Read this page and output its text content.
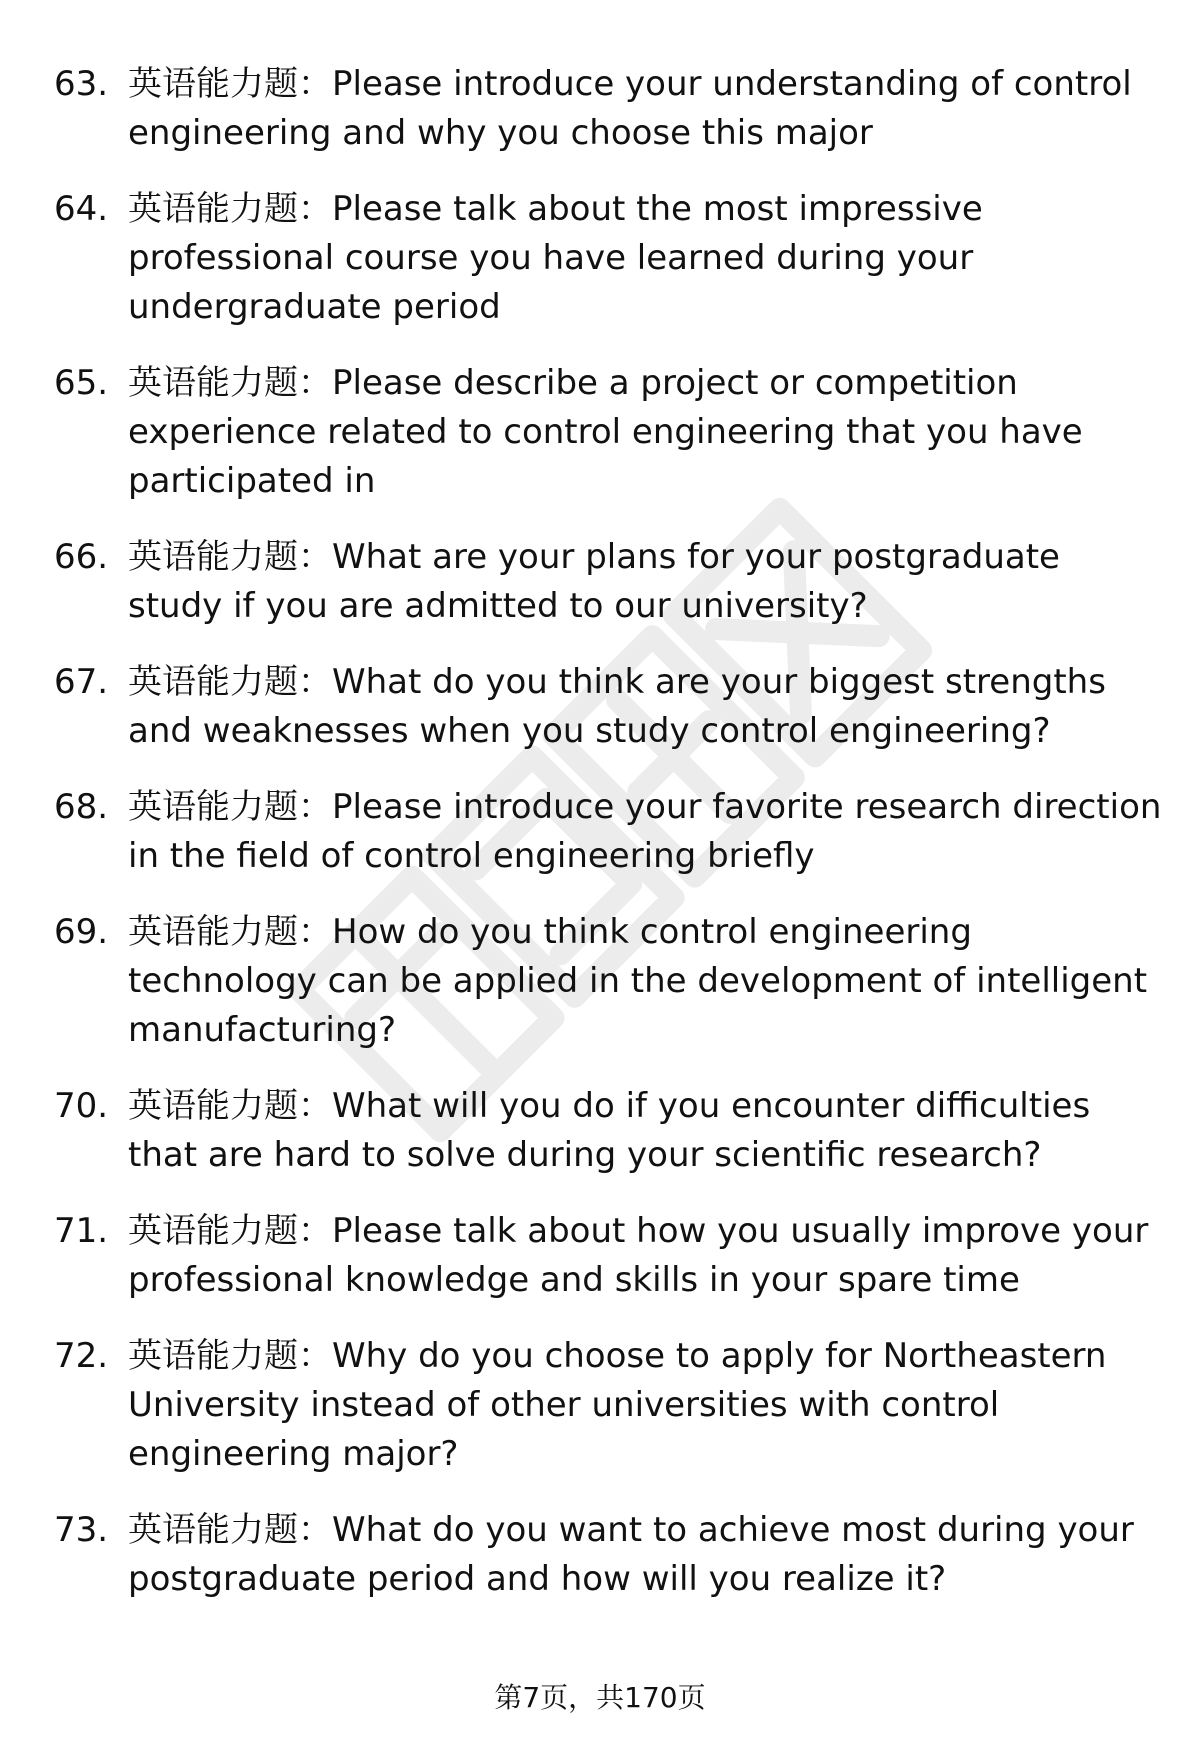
63. 英语能力题：Please introduce your understanding of control engineering and why you choose this major
64. 英语能力题：Please talk about the most impressive professional course you have learned during your undergraduate period
65. 英语能力题：Please describe a project or competition experience related to control engineering that you have participated in
66. 英语能力题：What are your plans for your postgraduate study if you are admitted to our university?
67. 英语能力题：What do you think are your biggest strengths and weaknesses when you study control engineering?
68. 英语能力题：Please introduce your favorite research direction in the field of control engineering briefly
69. 英语能力题：How do you think control engineering technology can be applied in the development of intelligent manufacturing?
70. 英语能力题：What will you do if you encounter difficulties that are hard to solve during your scientific research?
71. 英语能力题：Please talk about how you usually improve your professional knowledge and skills in your spare time
72. 英语能力题：Why do you choose to apply for Northeastern University instead of other universities with control engineering major?
73. 英语能力题：What do you want to achieve most during your postgraduate period and how will you realize it?
第7页，共170页
